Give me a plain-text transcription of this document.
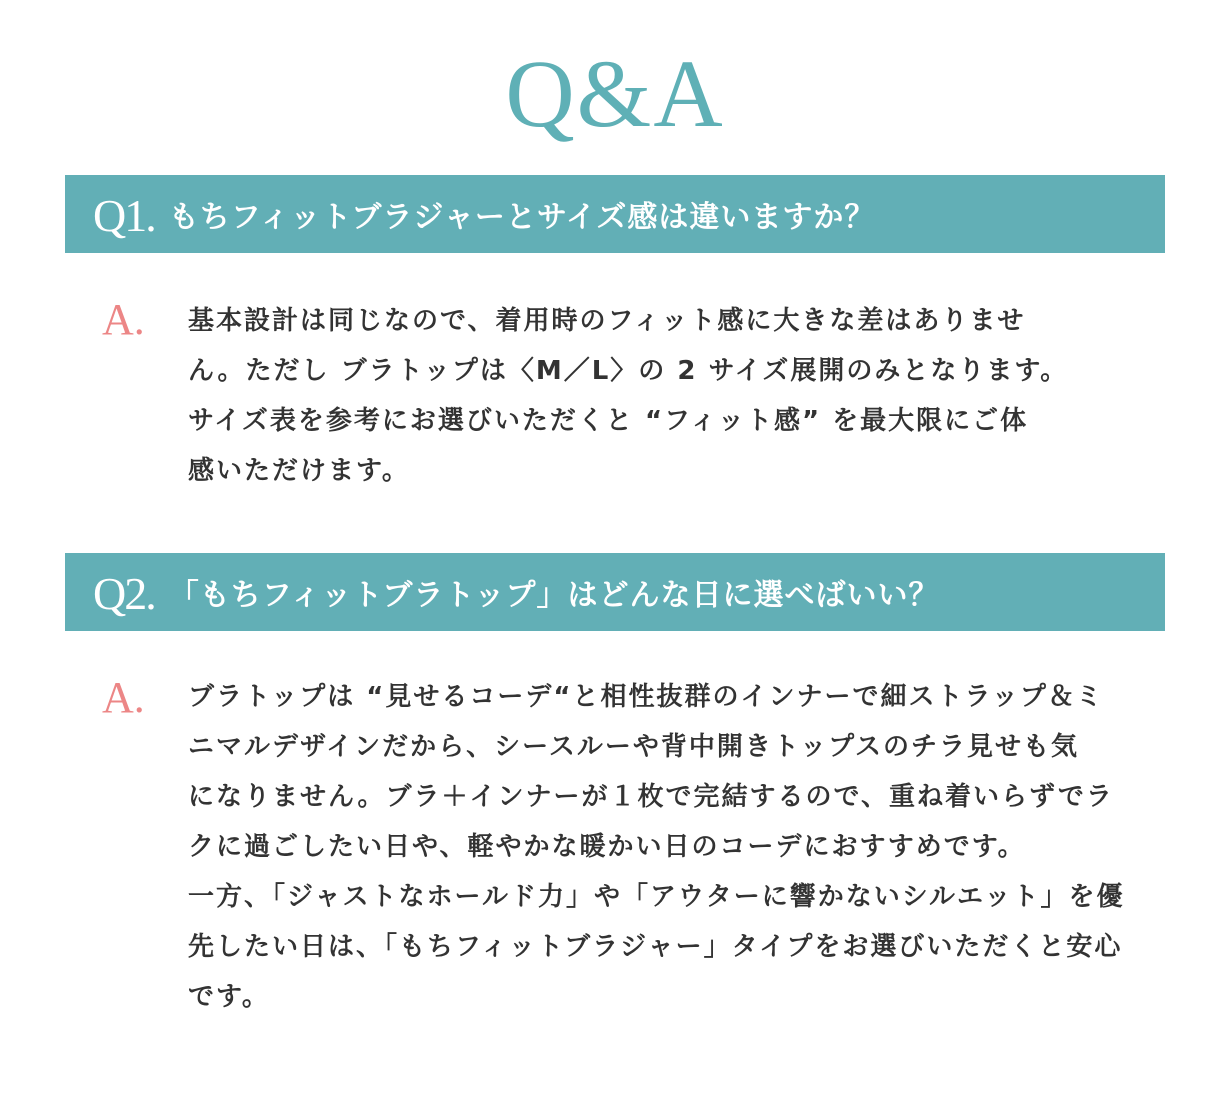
Q&A
Q1. もちフィットブラジャーとサイズ感は違いますか？
A. 基本設計は同じなので、着用時のフィット感に大きな差はありませ
ん。ただし ブラトップは〈M／L〉の 2 サイズ展開のみとなります。
サイズ表を参考にお選びいただくと “フィット感” を最大限にご体
感いただけます。
Q2. 「もちフィットブラトップ」はどんな日に選べばいい？
A. ブラトップは “見せるコーデ“と相性抜群のインナーで細ストラップ＆ミ
ニマルデザインだから、シースルーや背中開きトップスのチラ見せも気
になりません。ブラ＋インナーが１枚で完結するので、重ね着いらずでラ
クに過ごしたい日や、軽やかな暖かい日のコーデにおすすめです。
一方、「ジャストなホールド力」や「アウターに響かないシルエット」を優
先したい日は、「もちフィットブラジャー」タイプをお選びいただくと安心
です。
